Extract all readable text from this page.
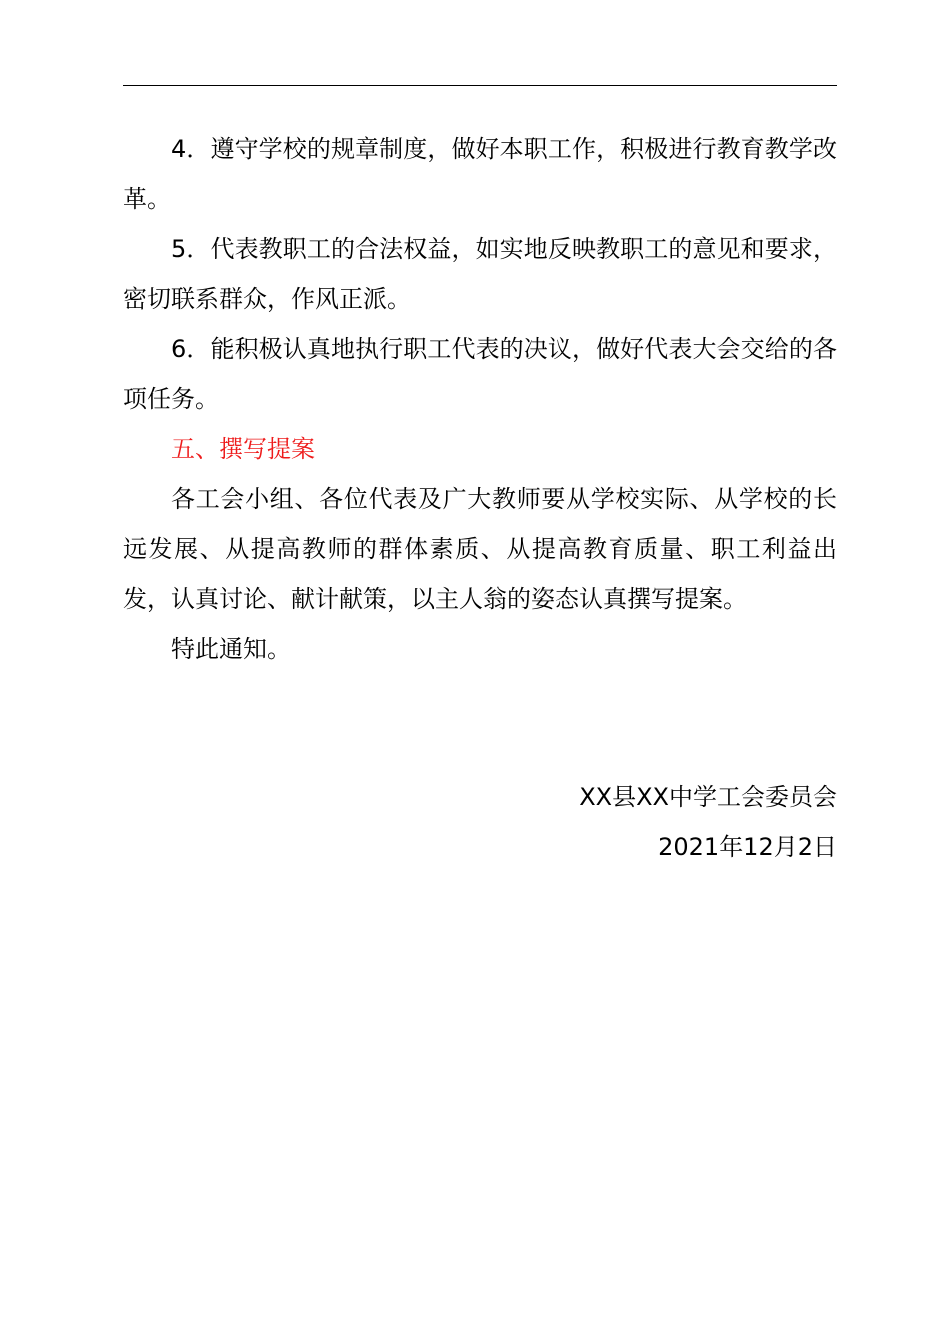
4．遵守学校的规章制度，做好本职工作，积极进行教育教学改革。

5．代表教职工的合法权益，如实地反映教职工的意见和要求，密切联系群众，作风正派。

6．能积极认真地执行职工代表的决议，做好代表大会交给的各项任务。

五、撰写提案

各工会小组、各位代表及广大教师要从学校实际、从学校的长远发展、从提高教师的群体素质、从提高教育质量、职工利益出发，认真讨论、献计献策，以主人翁的姿态认真撰写提案。

特此通知。

XX县XX中学工会委员会
2021年12月2日
